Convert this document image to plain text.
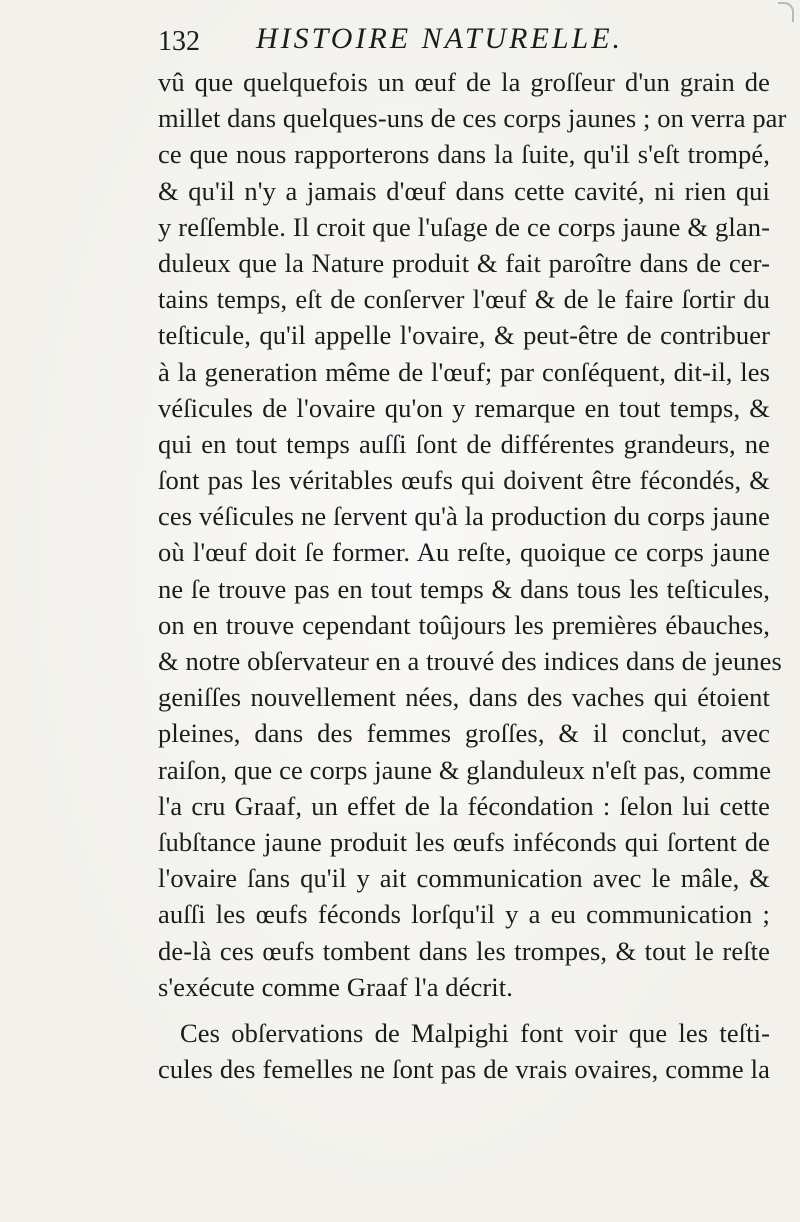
132 HISTOIRE NATURELLE.
vû que quelquefois un œuf de la groſſeur d'un grain de
millet dans quelques-uns de ces corps jaunes ; on verra par
ce que nous rapporterons dans la ſuite, qu'il s'eſt trompé,
& qu'il n'y a jamais d'œuf dans cette cavité, ni rien qui
y reſſemble. Il croit que l'uſage de ce corps jaune & glan-
duleux que la Nature produit & fait paroître dans de cer-
tains temps, eſt de conſerver l'œuf & de le faire ſortir du
teſticule, qu'il appelle l'ovaire, & peut-être de contribuer
à la generation même de l'œuf; par conſéquent, dit-il, les
véſicules de l'ovaire qu'on y remarque en tout temps, &
qui en tout temps auſſi ſont de différentes grandeurs, ne
ſont pas les véritables œufs qui doivent être fécondés, &
ces véſicules ne ſervent qu'à la production du corps jaune
où l'œuf doit ſe former. Au reſte, quoique ce corps jaune
ne ſe trouve pas en tout temps & dans tous les teſticules,
on en trouve cependant toûjours les premières ébauches,
& notre obſervateur en a trouvé des indices dans de jeunes
geniſſes nouvellement nées, dans des vaches qui étoient
pleines, dans des femmes groſſes, & il conclut, avec
raiſon, que ce corps jaune & glanduleux n'eſt pas, comme
l'a cru Graaf, un effet de la fécondation : ſelon lui cette
ſubſtance jaune produit les œufs inféconds qui ſortent de
l'ovaire ſans qu'il y ait communication avec le mâle, &
auſſi les œufs féconds lorſqu'il y a eu communication ;
de-là ces œufs tombent dans les trompes, & tout le reſte
s'exécute comme Graaf l'a décrit.
Ces obſervations de Malpighi font voir que les teſti-
cules des femelles ne ſont pas de vrais ovaires, comme la
